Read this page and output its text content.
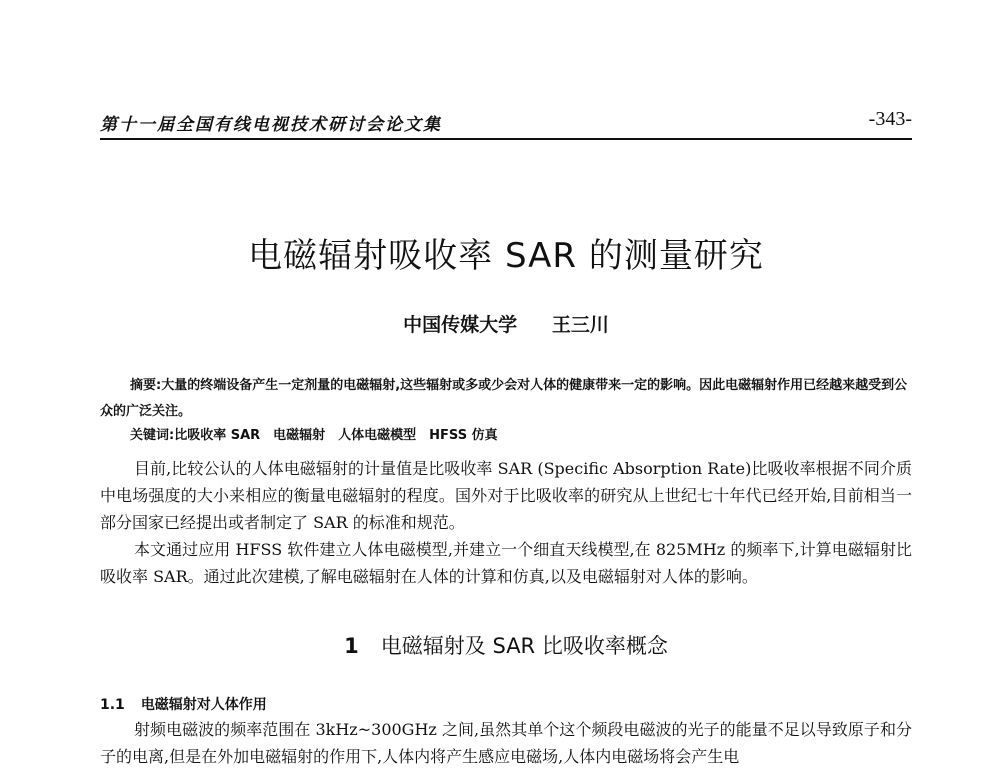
第十一届全国有线电视技术研讨会论文集	-343-
电磁辐射吸收率 SAR 的测量研究
中国传媒大学 王三川

摘要:大量的终端设备产生一定剂量的电磁辐射,这些辐射或多或少会对人体的健康带来一定的影响。因此电磁辐射作用已经越来越受到公众的广泛关注。

关键词:比吸收率 SAR　电磁辐射　人体电磁模型　HFSS 仿真

目前,比较公认的人体电磁辐射的计量值是比吸收率 SAR (Specific Absorption Rate)比吸收率根据不同介质中电场强度的大小来相应的衡量电磁辐射的程度。国外对于比吸收率的研究从上世纪七十年代已经开始,目前相当一部分国家已经提出或者制定了 SAR 的标准和规范。

本文通过应用 HFSS 软件建立人体电磁模型,并建立一个细直天线模型,在 825MHz 的频率下,计算电磁辐射比吸收率 SAR。通过此次建模,了解电磁辐射在人体的计算和仿真,以及电磁辐射对人体的影响。

1 电磁辐射及 SAR 比吸收率概念
1.1 电磁辐射对人体作用

射频电磁波的频率范围在 3kHz~300GHz 之间,虽然其单个这个频段电磁波的光子的能量不足以导致原子和分子的电离,但是在外加电磁辐射的作用下,人体内将产生感应电磁场,人体内电磁场将会产生电
